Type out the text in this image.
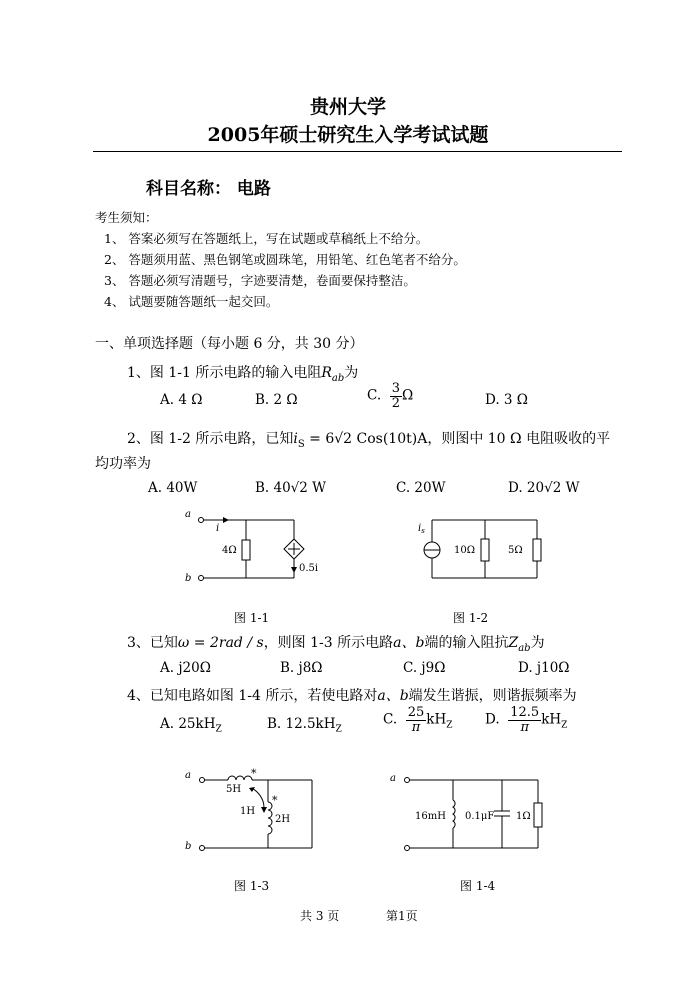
贵州大学
2005年硕士研究生入学考试试题
科目名称： 电路
考生须知：
1、 答案必须写在答题纸上，写在试题或草稿纸上不给分。
2、 答题须用蓝、黑色钢笔或圆珠笔，用铅笔、红色笔者不给分。
3、 答题必须写清题号，字迹要清楚，卷面要保持整洁。
4、 试题要随答题纸一起交回。
一、单项选择题（每小题 6 分，共 30 分）
1、图 1-1 所示电路的输入电阻$R_{ab}$为
A. 4 Ω	B. 2 Ω	C. $\frac{3}{2}$ Ω	D. 3 Ω
2、图 1-2 所示电路，已知$i_S = 6√2$ Cos(10t)A，则图中 10 Ω 电阻吸收的平
均功率为
A. 40W	B. 40√2 W	C. 20W	D. 20√2 W
a
b
i
4Ω
0.5i
$i_s$
10Ω	5Ω
图 1-1	图 1-2
3、已知ω = 2rad / s，则图 1-3 所示电路a、b端的输入阻抗$Z_{ab}$为
A. j20Ω	B. j8Ω	C. j9Ω	D. j10Ω
4、已知电路如图 1-4 所示，若使电路对a、b端发生谐振，则谐振频率为
A. $25kH_Z$	B. $12.5kH_Z$
C. $\frac{25}{\pi} kH_Z$ D. $\frac{12.5}{\pi} kH_Z$
a
b
*
*
5H
1H
2H
a
16mH 0.1μF 1Ω
图 1-3	图 1-4
共 3 页	第1页
